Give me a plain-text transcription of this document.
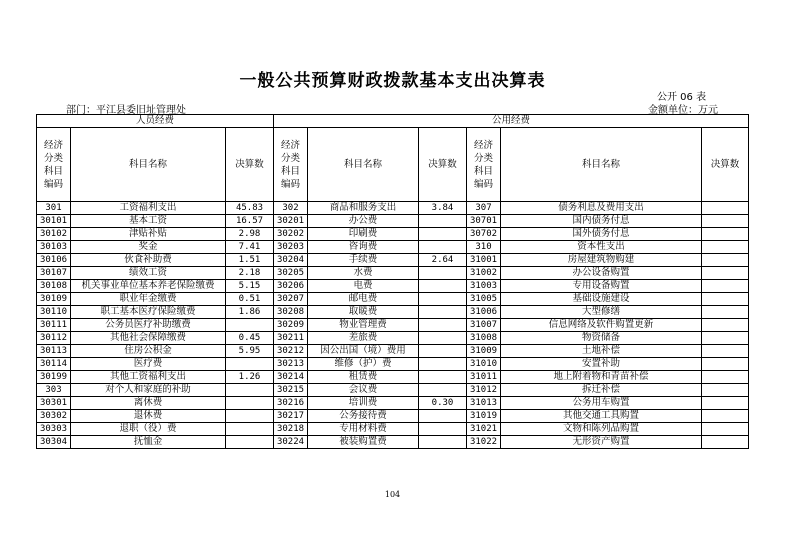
一般公共预算财政拨款基本支出决算表
公开 06 表
部门：平江县委旧址管理处	金额单位：万元
人员经费			公用经费					

经济
分类
科目
编码	科目名称	决算数	经济
分类
科目
编码	科目名称	决算数	经济
分类
科目
编码	科目名称	决算数
301	工资福利支出	45.83	302	商品和服务支出	3.84	307	债务利息及费用支出	
30101	基本工资	16.57	30201	办公费		30701	国内债务付息	
30102	津贴补贴	2.98	30202	印刷费		30702	国外债务付息	
30103	奖金	7.41	30203	咨询费		310	资本性支出	
30106	伙食补助费	1.51	30204	手续费	2.64	31001	房屋建筑物购建	
30107	绩效工资	2.18	30205	水费		31002	办公设备购置	
30108	机关事业单位基本养老保险缴费	5.15	30206	电费		31003	专用设备购置	
30109	职业年金缴费	0.51	30207	邮电费		31005	基础设施建设	
30110	职工基本医疗保险缴费	1.86	30208	取暖费		31006	大型修缮	
30111	公务员医疗补助缴费		30209	物业管理费		31007	信息网络及软件购置更新	
30112	其他社会保障缴费	0.45	30211	差旅费		31008	物资储备	
30113	住房公积金	5.95	30212	因公出国（境）费用		31009	土地补偿	
30114	医疗费		30213	维修（护）费		31010	安置补助	
30199	其他工资福利支出	1.26	30214	租赁费		31011	地上附着物和青苗补偿	
303	对个人和家庭的补助		30215	会议费		31012	拆迁补偿	
30301	离休费		30216	培训费	0.30	31013	公务用车购置	
30302	退休费		30217	公务接待费		31019	其他交通工具购置	
30303	退职（役）费		30218	专用材料费		31021	文物和陈列品购置	
30304	抚恤金		30224	被装购置费		31022	无形资产购置	
104
